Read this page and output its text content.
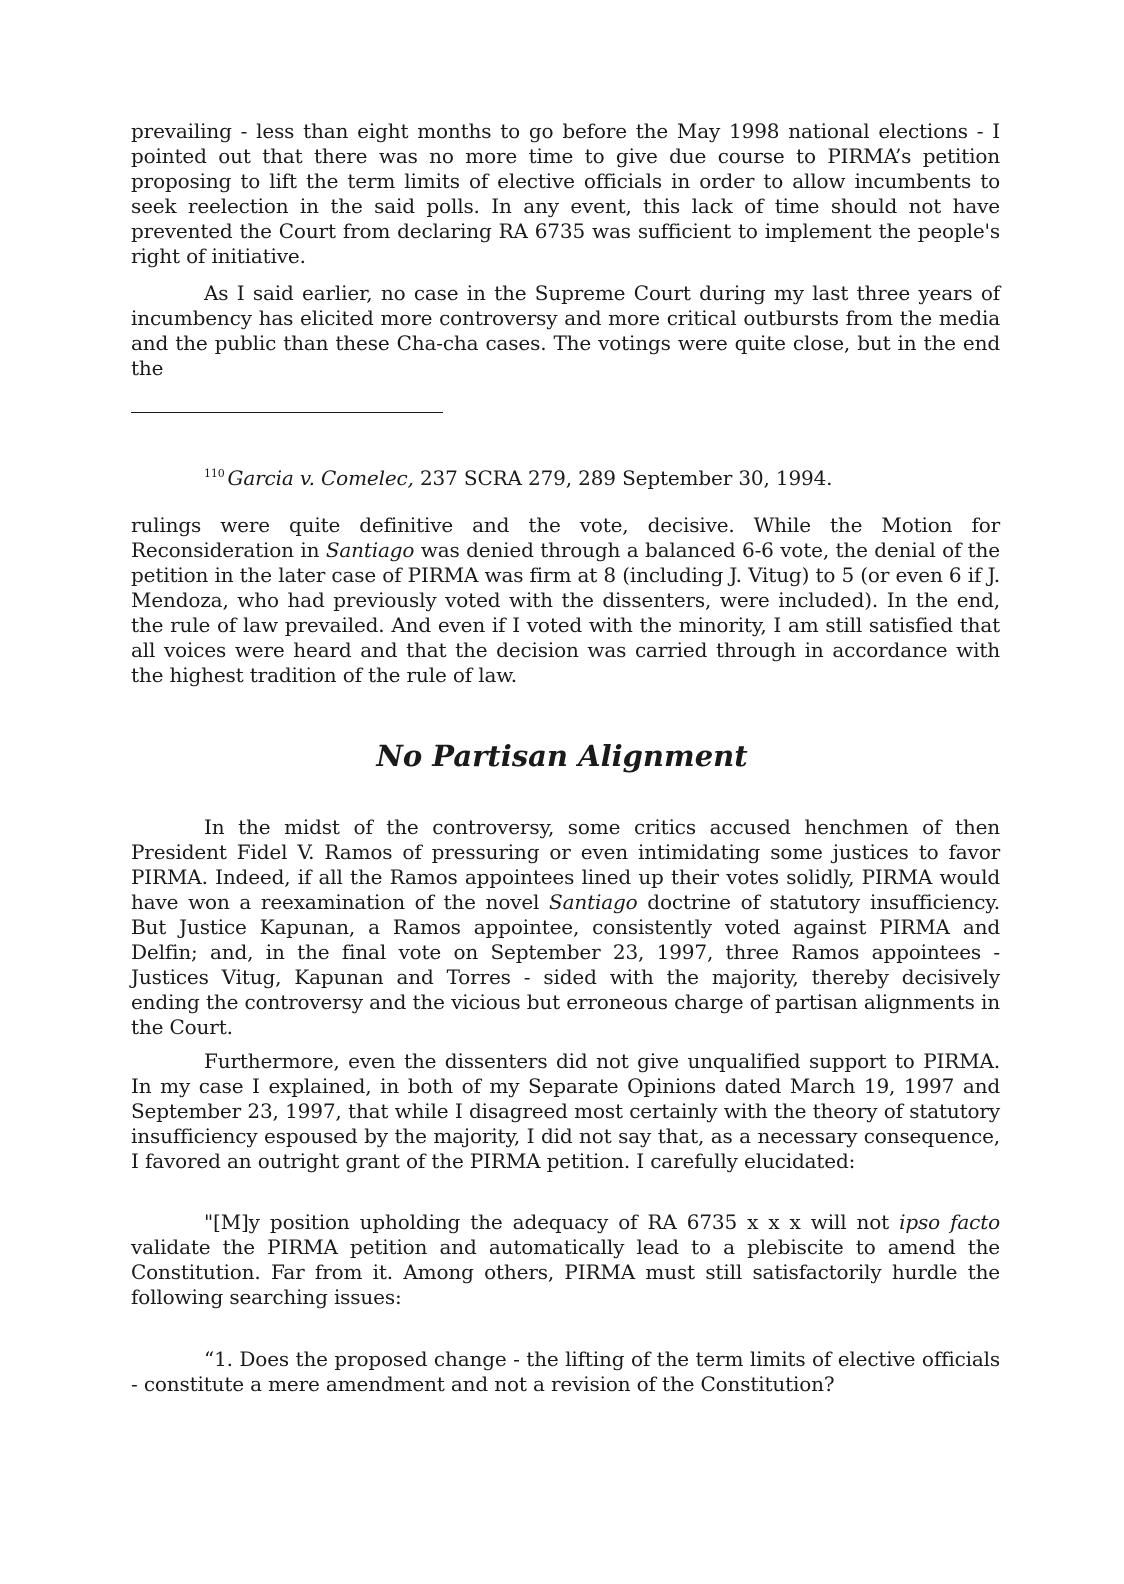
prevailing - less than eight months to go before the May 1998 national elections - I pointed out that there was no more time to give due course to PIRMA’s petition proposing to lift the term limits of elective officials in order to allow incumbents to seek reelection in the said polls. In any event, this lack of time should not have prevented the Court from declaring RA 6735 was sufficient to implement the people's right of initiative.

As I said earlier, no case in the Supreme Court during my last three years of incumbency has elicited more controversy and more critical outbursts from the media and the public than these Cha-cha cases. The votings were quite close, but in the end the

$^{110}$ Garcia v. Comelec, 237 SCRA 279, 289 September 30, 1994.

rulings were quite definitive and the vote, decisive. While the Motion for Reconsideration in Santiago was denied through a balanced 6-6 vote, the denial of the petition in the later case of PIRMA was firm at 8 (including J. Vitug) to 5 (or even 6 if J. Mendoza, who had previously voted with the dissenters, were included). In the end, the rule of law prevailed. And even if I voted with the minority, I am still satisfied that all voices were heard and that the decision was carried through in accordance with the highest tradition of the rule of law.

No Partisan Alignment

In the midst of the controversy, some critics accused henchmen of then President Fidel V. Ramos of pressuring or even intimidating some justices to favor PIRMA. Indeed, if all the Ramos appointees lined up their votes solidly, PIRMA would have won a reexamination of the novel Santiago doctrine of statutory insufficiency. But Justice Kapunan, a Ramos appointee, consistently voted against PIRMA and Delfin; and, in the final vote on September 23, 1997, three Ramos appointees - Justices Vitug, Kapunan and Torres - sided with the majority, thereby decisively ending the controversy and the vicious but erroneous charge of partisan alignments in the Court.

Furthermore, even the dissenters did not give unqualified support to PIRMA. In my case I explained, in both of my Separate Opinions dated March 19, 1997 and September 23, 1997, that while I disagreed most certainly with the theory of statutory insufficiency espoused by the majority, I did not say that, as a necessary consequence, I favored an outright grant of the PIRMA petition. I carefully elucidated:

"[M]y position upholding the adequacy of RA 6735 x x x will not ipso facto validate the PIRMA petition and automatically lead to a plebiscite to amend the Constitution. Far from it. Among others, PIRMA must still satisfactorily hurdle the following searching issues:

“1. Does the proposed change - the lifting of the term limits of elective officials - constitute a mere amendment and not a revision of the Constitution?
